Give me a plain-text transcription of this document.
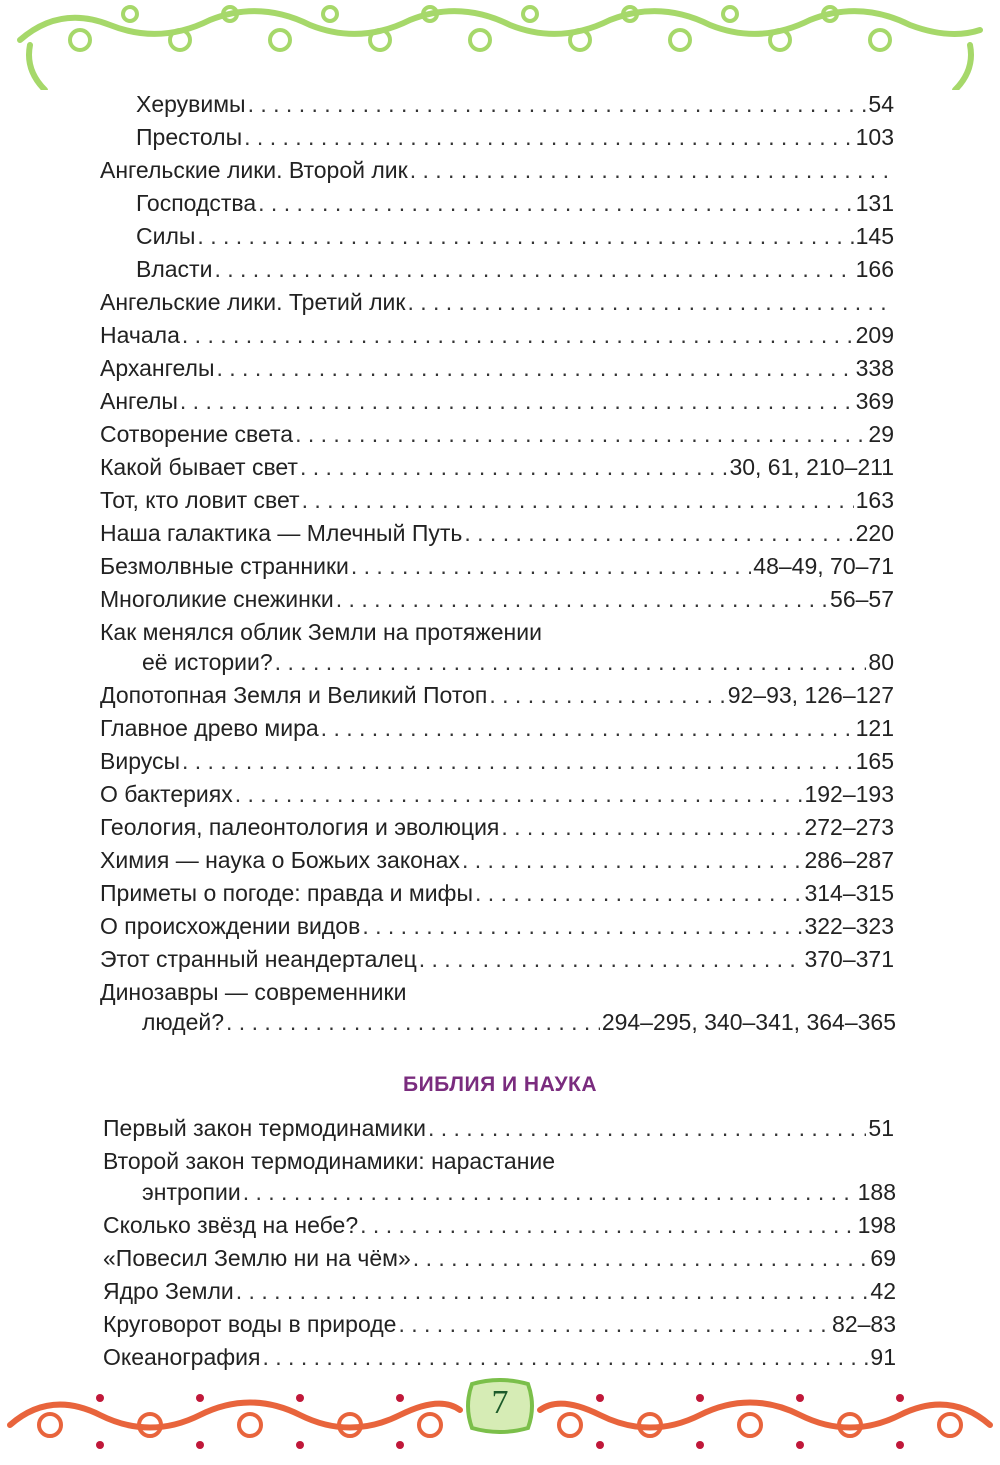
Херувимы . . .	54
Престолы . . .	103
Ангельские лики. Второй лик
. . .
Господства . . .	131
Силы . . .	145
Власти . . .	166
Ангельские лики. Третий лик
. . .
Начала . . .	209
Архангелы . . .	338
Ангелы . . .	369
Сотворение света . . .	29
Какой бывает свет . . .	30, 61, 210–211
Тот, кто ловит свет . . .	163
Наша галактика — Млечный Путь . . .	220
Безмолвные странники . . .	48–49, 70–71
Многоликие снежинки . . .	56–57
Как менялся облик Земли на протяжении
её истории? . . .	80
Допотопная Земля и Великий Потоп . . .	92–93, 126–127
Главное древо мира . . .	121
Вирусы . . .	165
О бактериях . . .	192–193
Геология, палеонтология и эволюция . . .	272–273
Химия — наука о Божьих законах . . .	286–287
Приметы о погоде: правда и мифы . . .	314–315
О происхождении видов . . .	322–323
Этот странный неандерталец . . .	370–371
Динозавры — современники
людей? . . .	294–295, 340–341, 364–365
БИБЛИЯ И НАУКА
Первый закон термодинамики . . .	51
Второй закон термодинамики: нарастание
энтропии . . .	188
Сколько звёзд на небе? . . .	198
«Повесил Землю ни на чём» . . .	69
Ядро Земли . . .	42
Круговорот воды в природе . . .	82–83
Океанография . . .	91
7
